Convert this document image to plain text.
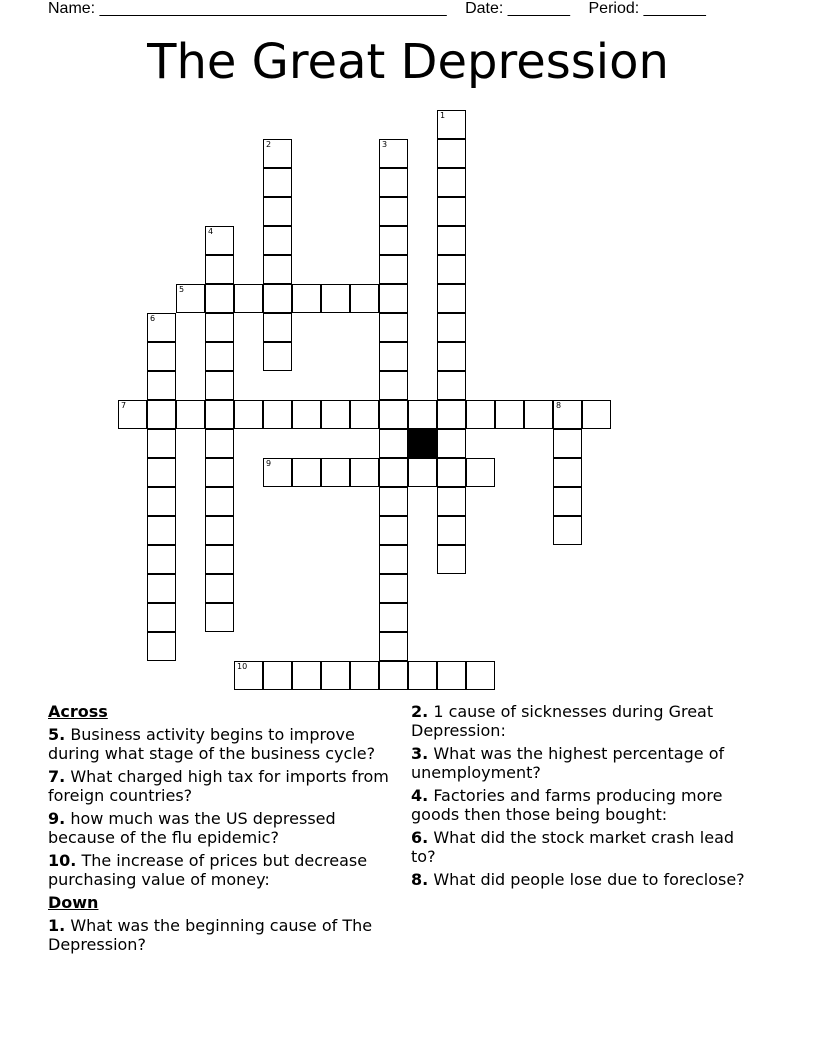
Name: _______________________________________ Date: _______ Period: _______
The Great Depression
1
2	3
4
6
8
5
7
9
10
Across
5. Business activity begins to improve during what stage of the business cycle?
7. What charged high tax for imports from foreign countries?
9. how much was the US depressed because of the flu epidemic?
10. The increase of prices but decrease purchasing value of money:
Down
1. What was the beginning cause of The Depression?
2. 1 cause of sicknesses during Great Depression:
3. What was the highest percentage of unemployment?
4. Factories and farms producing more goods then those being bought:
6. What did the stock market crash lead to?
8. What did people lose due to foreclose?
